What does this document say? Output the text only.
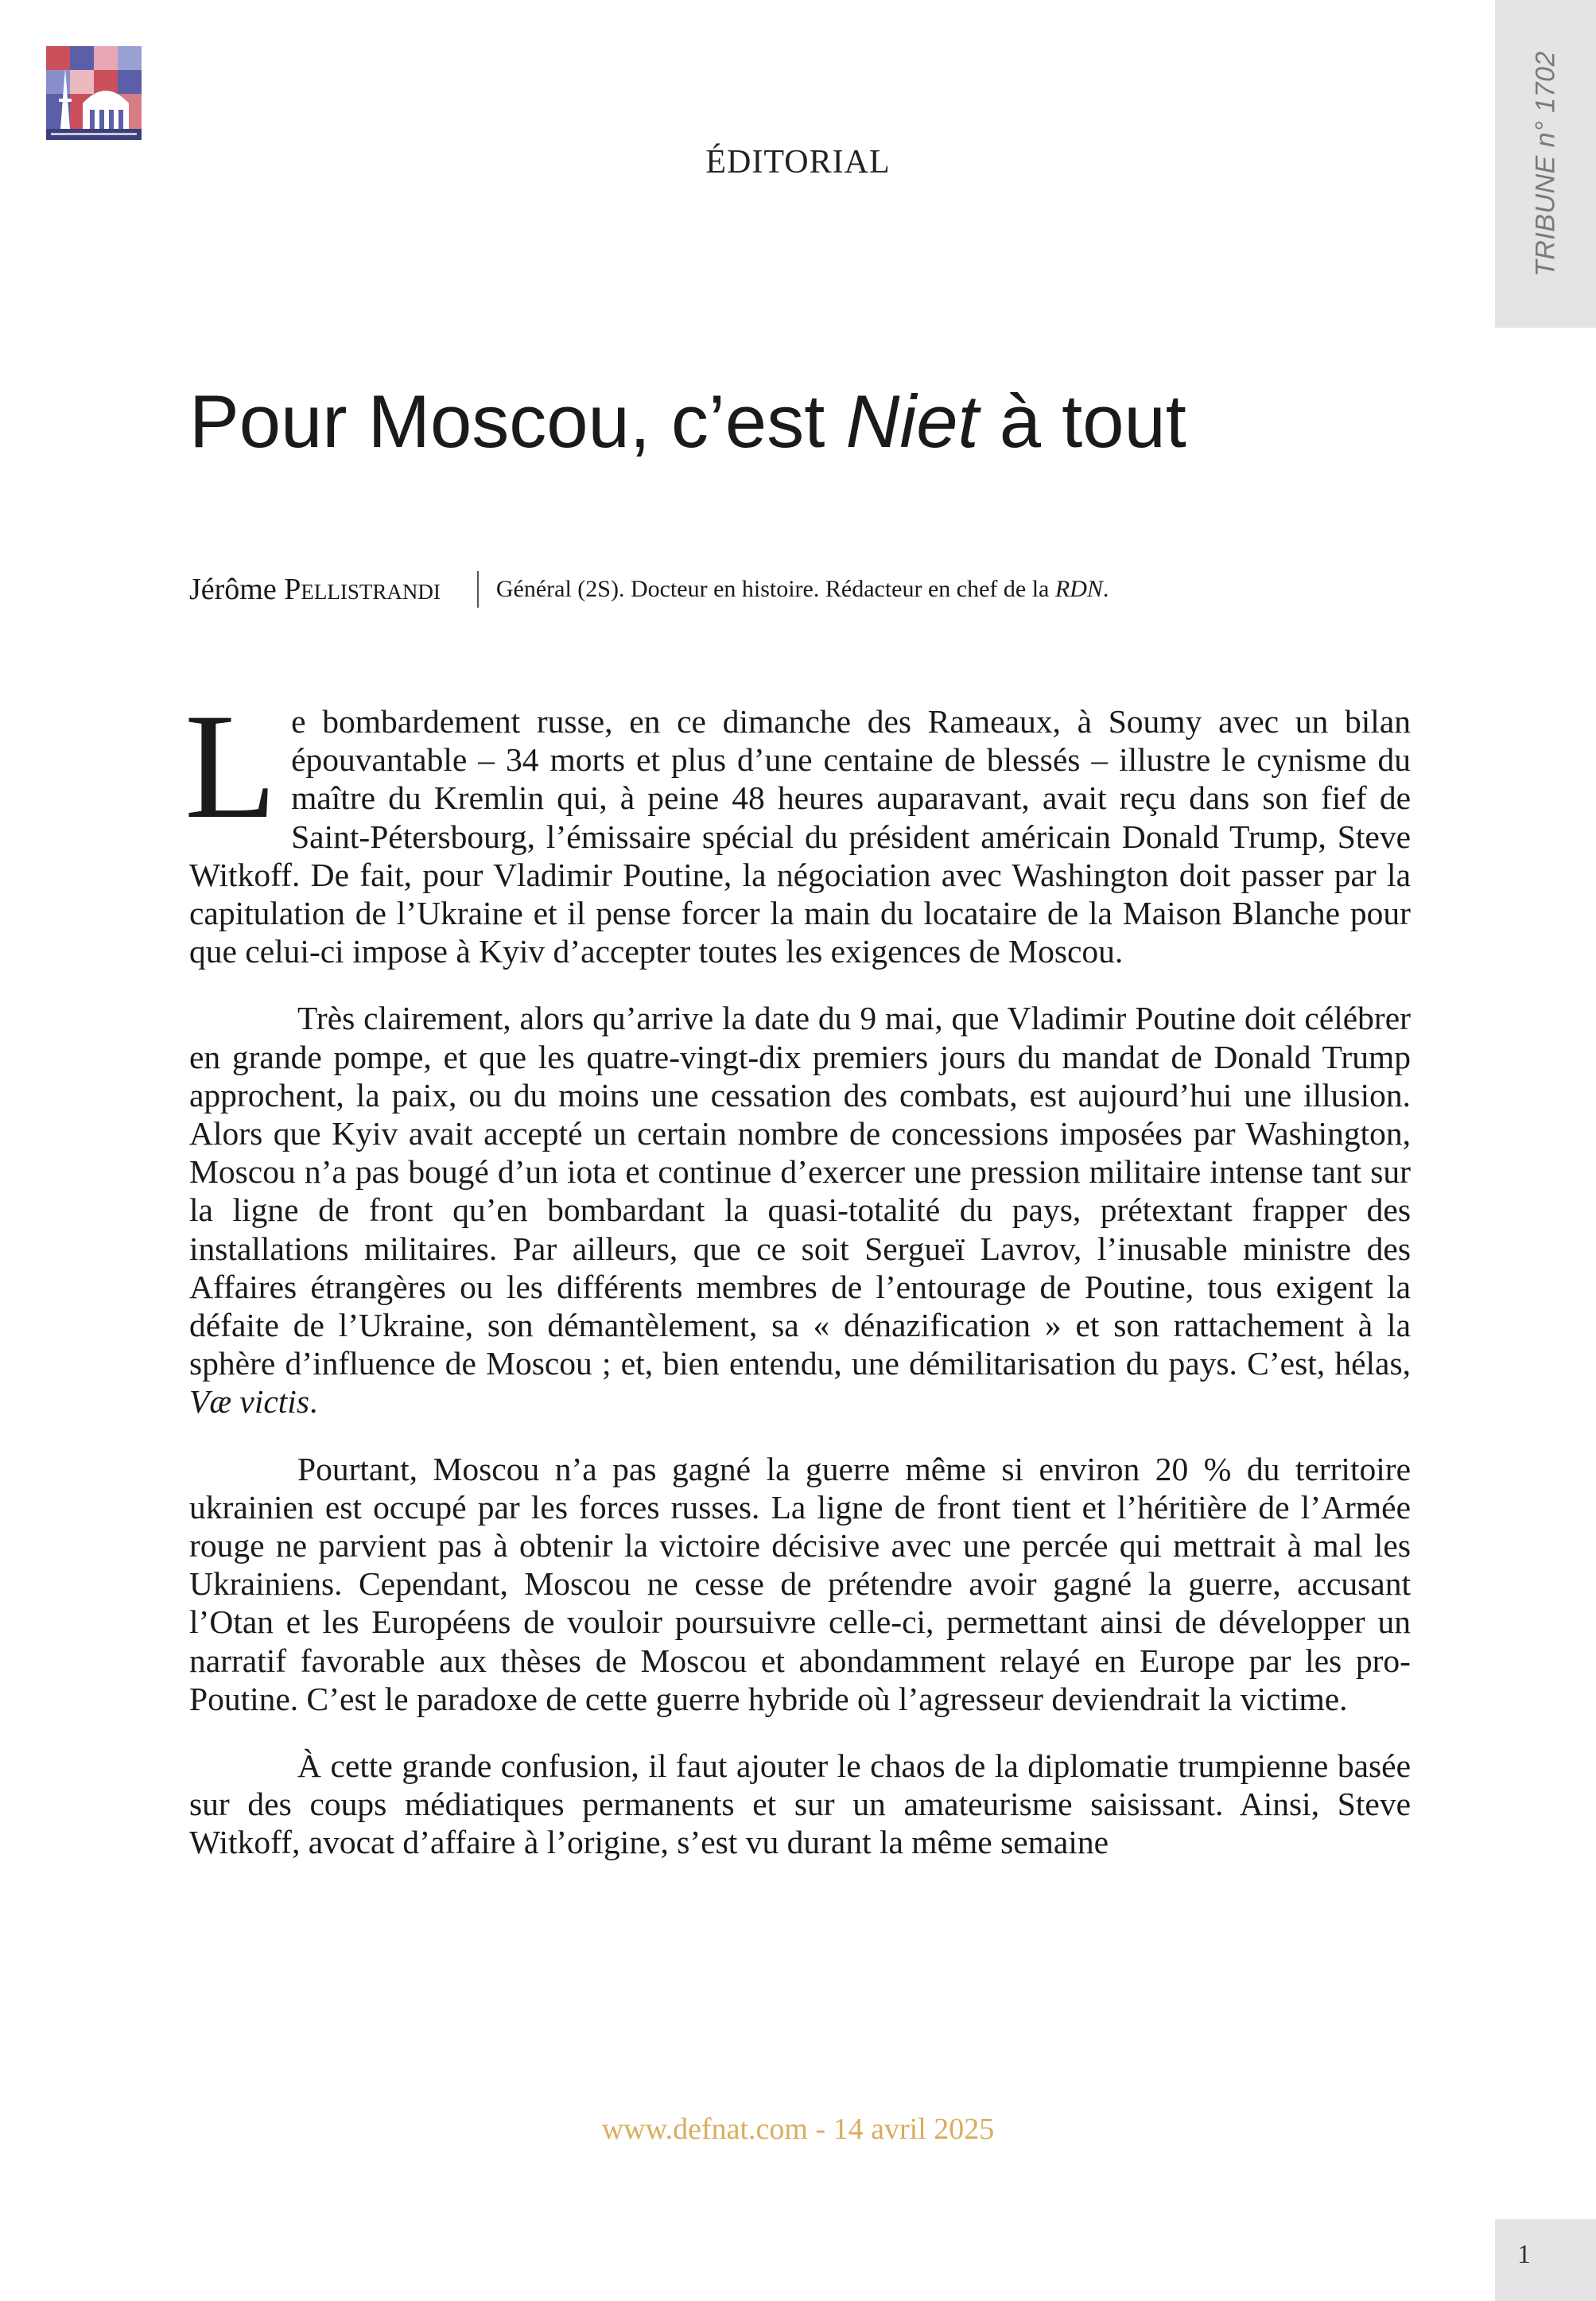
TRIBUNE n° 1702
ÉDITORIAL
Pour Moscou, c’est Niet à tout
Jérôme Pellistrandi Général (2S). Docteur en histoire. Rédacteur en chef de la RDN.

Le bombardement russe, en ce dimanche des Rameaux, à Soumy avec un bilan épouvantable – 34 morts et plus d’une centaine de blessés – illustre le cynisme du maître du Kremlin qui, à peine 48 heures auparavant, avait reçu dans son fief de Saint-Pétersbourg, l’émissaire spécial du président américain Donald Trump, Steve Witkoff. De fait, pour Vladimir Poutine, la négociation avec Washington doit passer par la capitulation de l’Ukraine et il pense forcer la main du locataire de la Maison Blanche pour que celui-ci impose à Kyiv d’accepter toutes les exigences de Moscou.

Très clairement, alors qu’arrive la date du 9 mai, que Vladimir Poutine doit célébrer en grande pompe, et que les quatre-vingt-dix premiers jours du mandat de Donald Trump approchent, la paix, ou du moins une cessation des combats, est aujourd’hui une illusion. Alors que Kyiv avait accepté un certain nombre de concessions imposées par Washington, Moscou n’a pas bougé d’un iota et continue d’exercer une pression militaire intense tant sur la ligne de front qu’en bombardant la quasi-totalité du pays, prétextant frapper des installations militaires. Par ailleurs, que ce soit Sergueï Lavrov, l’inusable ministre des Affaires étrangères ou les différents membres de l’entourage de Poutine, tous exigent la défaite de l’Ukraine, son démantèlement, sa « dénazification » et son rattachement à la sphère d’influence de Moscou ; et, bien entendu, une démilitarisation du pays. C’est, hélas, Væ victis.

Pourtant, Moscou n’a pas gagné la guerre même si environ 20 % du territoire ukrainien est occupé par les forces russes. La ligne de front tient et l’héritière de l’Armée rouge ne parvient pas à obtenir la victoire décisive avec une percée qui mettrait à mal les Ukrainiens. Cependant, Moscou ne cesse de prétendre avoir gagné la guerre, accusant l’Otan et les Européens de vouloir poursuivre celle-ci, permettant ainsi de développer un narratif favorable aux thèses de Moscou et abondamment relayé en Europe par les pro-Poutine. C’est le paradoxe de cette guerre hybride où l’agresseur deviendrait la victime.

À cette grande confusion, il faut ajouter le chaos de la diplomatie trumpienne basée sur des coups médiatiques permanents et sur un amateurisme saisissant. Ainsi, Steve Witkoff, avocat d’affaire à l’origine, s’est vu durant la même semaine

www.defnat.com - 14 avril 2025
1
